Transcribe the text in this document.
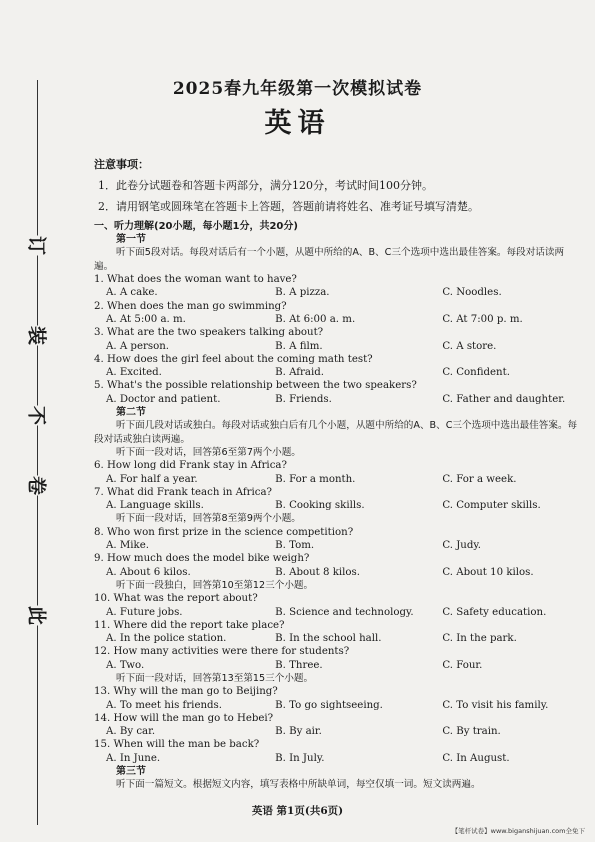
此
卷
不
装
订
2025春九年级第一次模拟试卷
英语
注意事项：
1．此卷分试题卷和答题卡两部分，满分120分，考试时间100分钟。
2．请用钢笔或圆珠笔在答题卡上答题，答题前请将姓名、准考证号填写清楚。
一、听力理解(20小题，每小题1分，共20分)
第一节
听下面5段对话。每段对话后有一个小题，从题中所给的A、B、C三个选项中选出最佳答案。每段对话读两遍。
1. What does the woman want to have?
A. A cake.	B. A pizza.	C. Noodles.
2. When does the man go swimming?
A. At 5:00 a. m.	B. At 6:00 a. m.	C. At 7:00 p. m.
3. What are the two speakers talking about?
A. A person.	B. A film.	C. A store.
4. How does the girl feel about the coming math test?
A. Excited.	B. Afraid.	C. Confident.
5. What's the possible relationship between the two speakers?
A. Doctor and patient.	B. Friends.	C. Father and daughter.
第二节
听下面几段对话或独白。每段对话或独白后有几个小题，从题中所给的A、B、C三个选项中选出最佳答案。每段对话或独白读两遍。
听下面一段对话，回答第6至第7两个小题。
6. How long did Frank stay in Africa?
A. For half a year.	B. For a month.	C. For a week.
7. What did Frank teach in Africa?
A. Language skills.	B. Cooking skills.	C. Computer skills.
听下面一段对话，回答第8至第9两个小题。
8. Who won first prize in the science competition?
A. Mike.	B. Tom.	C. Judy.
9. How much does the model bike weigh?
A. About 6 kilos.	B. About 8 kilos.	C. About 10 kilos.
听下面一段独白，回答第10至第12三个小题。
10. What was the report about?
A. Future jobs.	B. Science and technology.	C. Safety education.
11. Where did the report take place?
A. In the police station.	B. In the school hall.	C. In the park.
12. How many activities were there for students?
A. Two.	B. Three.	C. Four.
听下面一段对话，回答第13至第15三个小题。
13. Why will the man go to Beijing?
A. To meet his friends.	B. To go sightseeing.	C. To visit his family.
14. How will the man go to Hebei?
A. By car.	B. By air.	C. By train.
15. When will the man be back?
A. In June.	B. In July.	C. In August.
第三节
听下面一篇短文。根据短文内容，填写表格中所缺单词，每空仅填一词。短文读两遍。
英语 第1页(共6页)
【笔杆试卷】www.biganshijuan.com全免下
